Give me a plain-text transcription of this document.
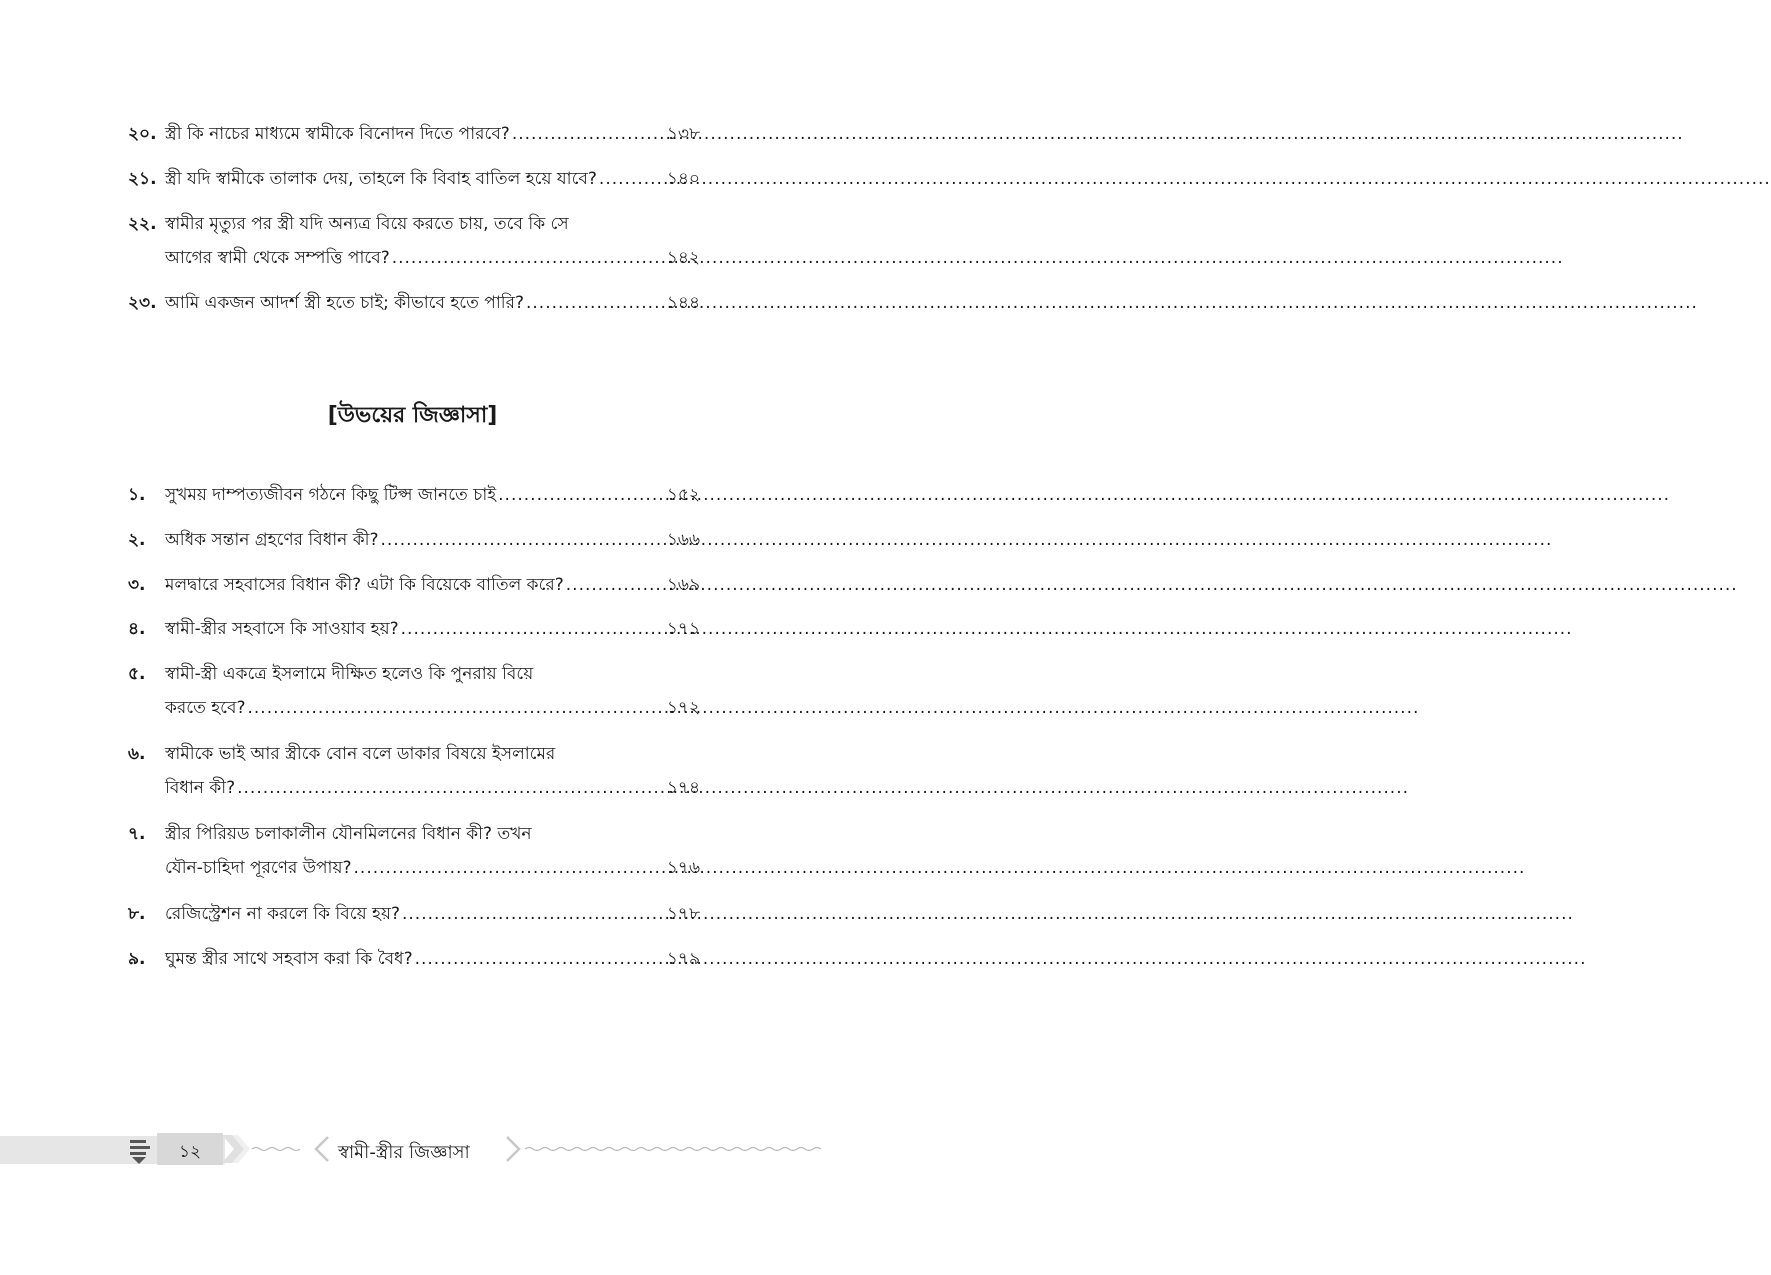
২০. স্ত্রী কি নাচের মাধ্যমে স্বামীকে বিনোদন দিতে পারবে? .....	১৩৮
২১. স্ত্রী যদি স্বামীকে তালাক দেয়, তাহলে কি বিবাহ বাতিল হয়ে যাবে? .....	১৪০
২২. স্বামীর মৃত্যুর পর স্ত্রী যদি অন্যত্র বিয়ে করতে চায়, তবে কি সে
আগের স্বামী থেকে সম্পত্তি পাবে? .....	১৪২
২৩. আমি একজন আদর্শ স্ত্রী হতে চাই; কীভাবে হতে পারি? .....	১৪৪
[উভয়ের জিজ্ঞাসা]
১. সুখময় দাম্পত্যজীবন গঠনে কিছু টিপ্স জানতে চাই .....	১৫২
২. অধিক সন্তান গ্রহণের বিধান কী? .....	১৬৬
৩. মলদ্বারে সহবাসের বিধান কী? এটা কি বিয়েকে বাতিল করে? .....	১৬৯
৪. স্বামী-স্ত্রীর সহবাসে কি সাওয়াব হয়? .....	১৭১
৫. স্বামী-স্ত্রী একত্রে ইসলামে দীক্ষিত হলেও কি পুনরায় বিয়ে
করতে হবে? .....	১৭২
৬. স্বামীকে ভাই আর স্ত্রীকে বোন বলে ডাকার বিষয়ে ইসলামের
বিধান কী? .....	১৭৪
৭. স্ত্রীর পিরিয়ড চলাকালীন যৌনমিলনের বিধান কী? তখন
যৌন-চাহিদা পূরণের উপায়? .....	১৭৬
৮. রেজিস্ট্রেশন না করলে কি বিয়ে হয়? .....	১৭৮
৯. ঘুমন্ত স্ত্রীর সাথে সহবাস করা কি বৈধ? .....	১৭৯
১২	স্বামী-স্ত্রীর জিজ্ঞাসা
